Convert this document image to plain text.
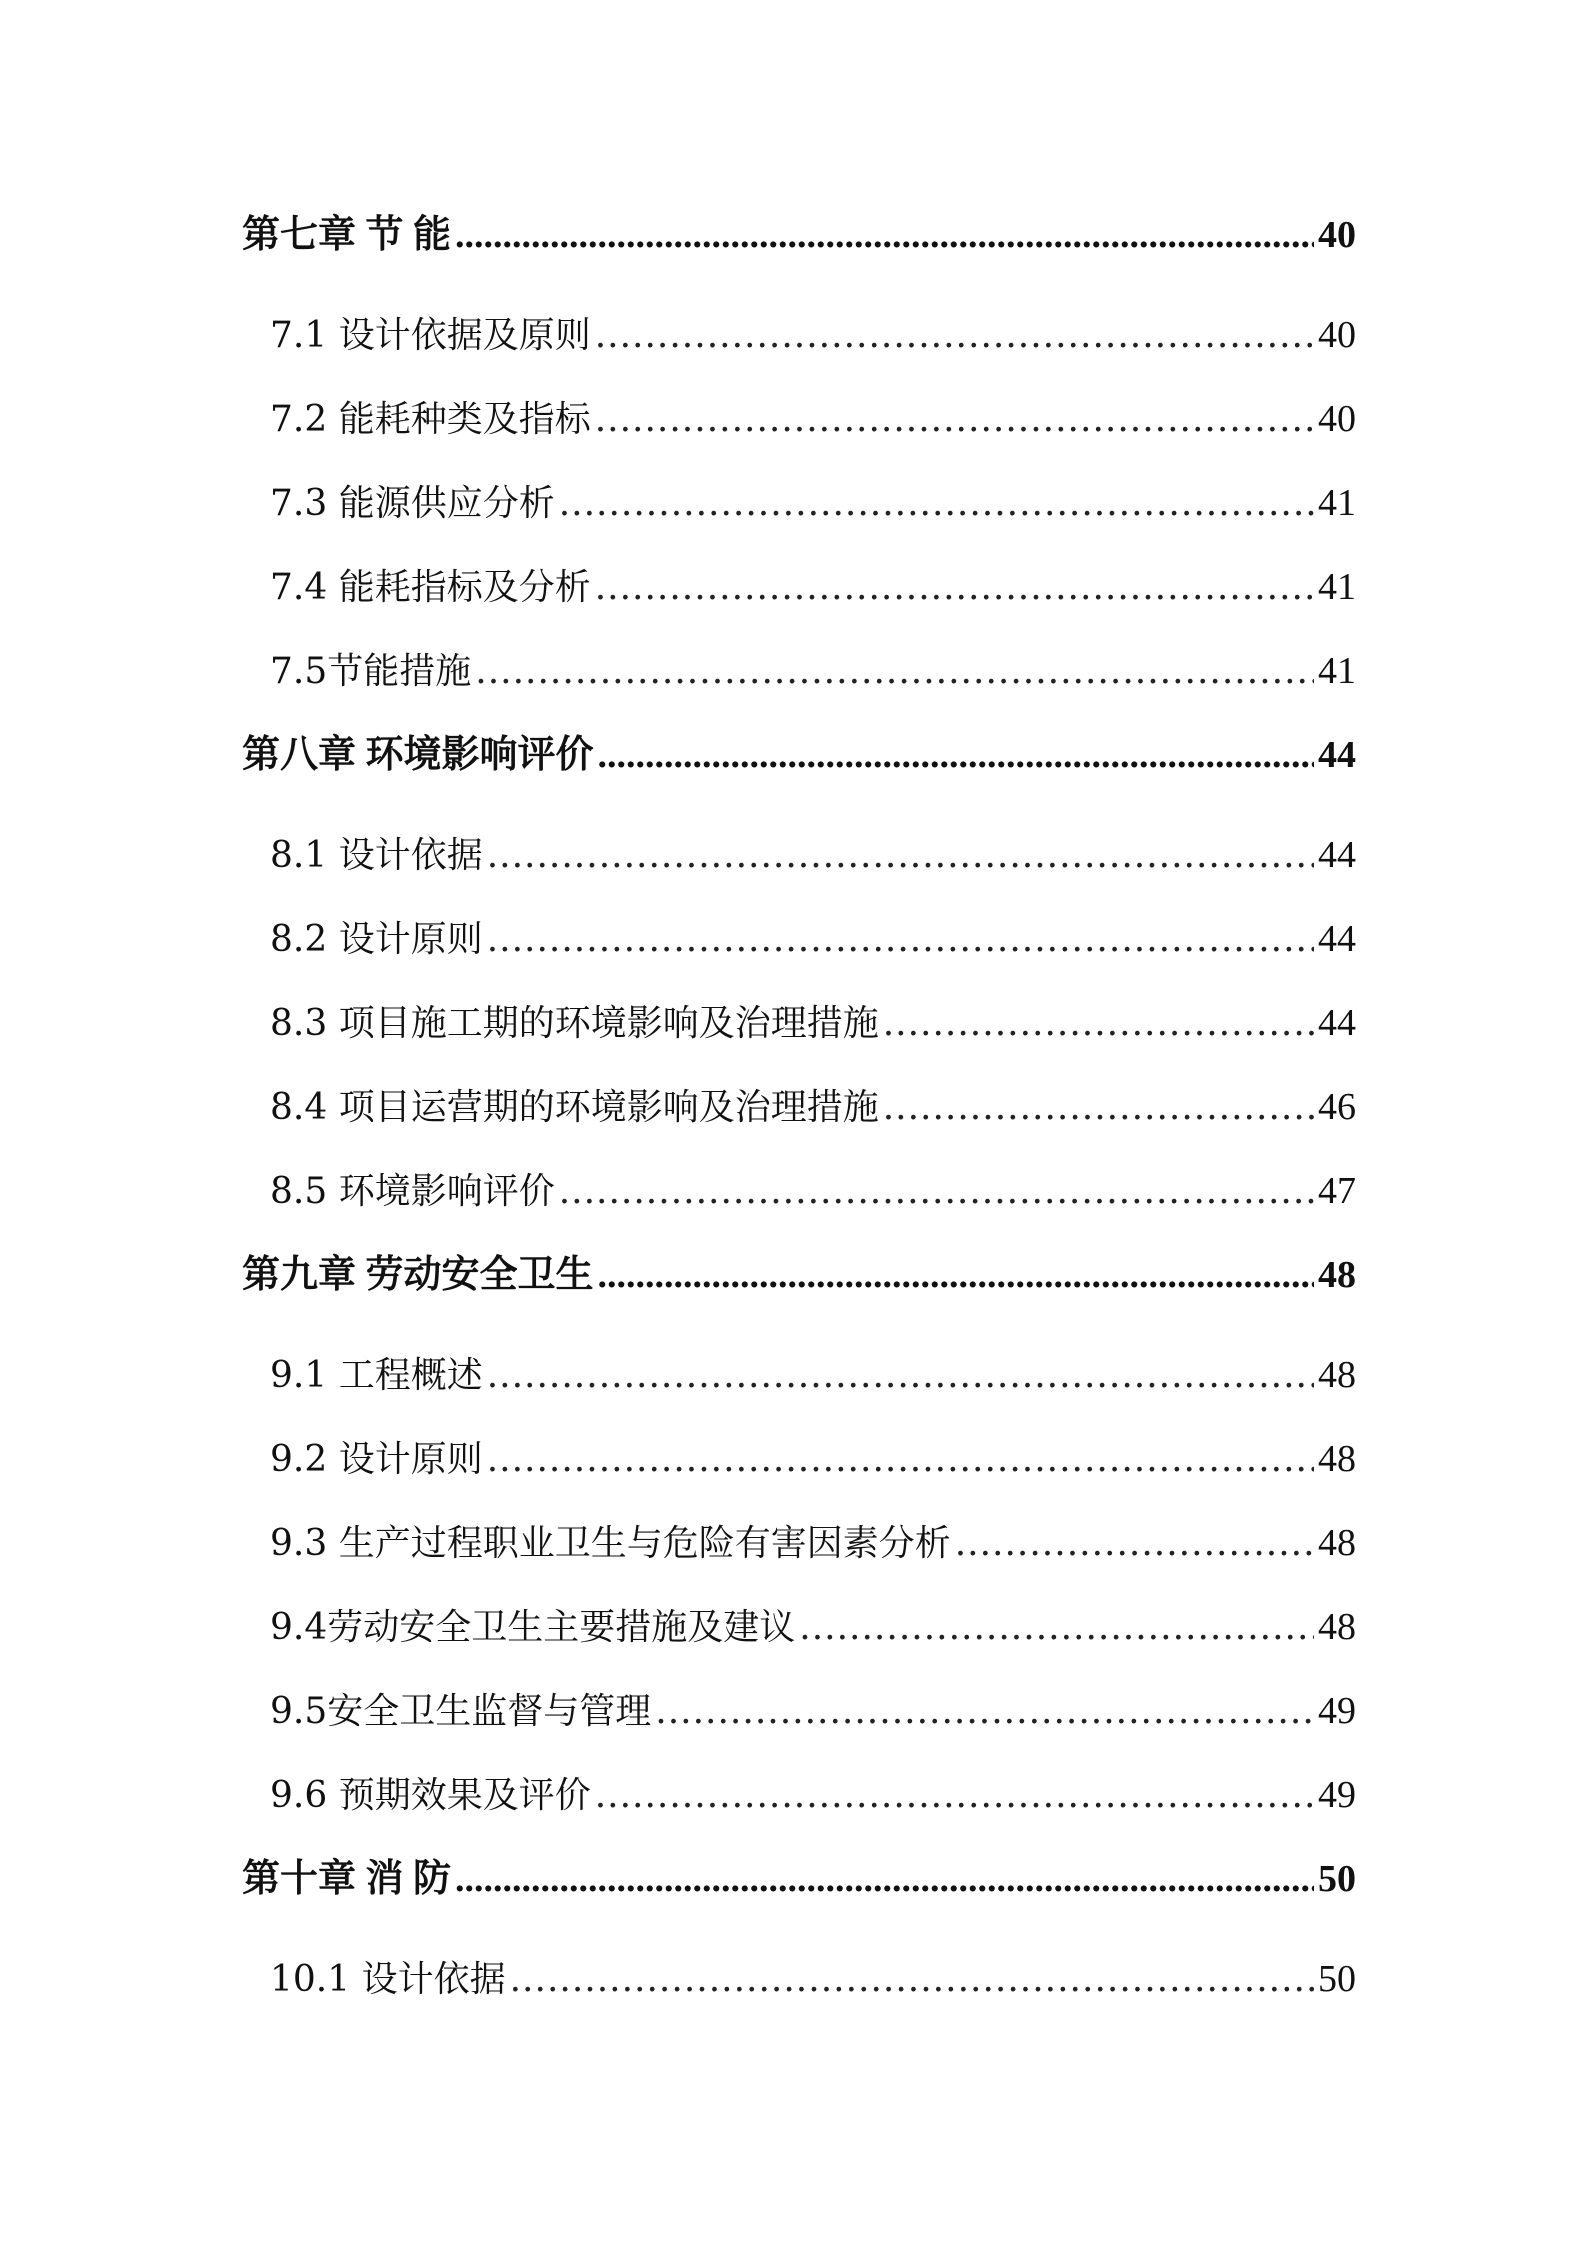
第七章 节 能 .....	40
7.1 设计依据及原则 .....	40
7.2 能耗种类及指标 .....	40
7.3 能源供应分析 .....	41
7.4 能耗指标及分析 .....	41
7.5节能措施 .....	41
第八章 环境影响评价 .....	44
8.1 设计依据 .....	44
8.2 设计原则 .....	44
8.3 项目施工期的环境影响及治理措施 .....	44
8.4 项目运营期的环境影响及治理措施 .....	46
8.5 环境影响评价 .....	47
第九章 劳动安全卫生 .....	48
9.1 工程概述 .....	48
9.2 设计原则 .....	48
9.3 生产过程职业卫生与危险有害因素分析 .....	48
9.4劳动安全卫生主要措施及建议 .....	48
9.5安全卫生监督与管理 .....	49
9.6 预期效果及评价 .....	49
第十章 消 防 .....	50
10.1 设计依据 .....	50
